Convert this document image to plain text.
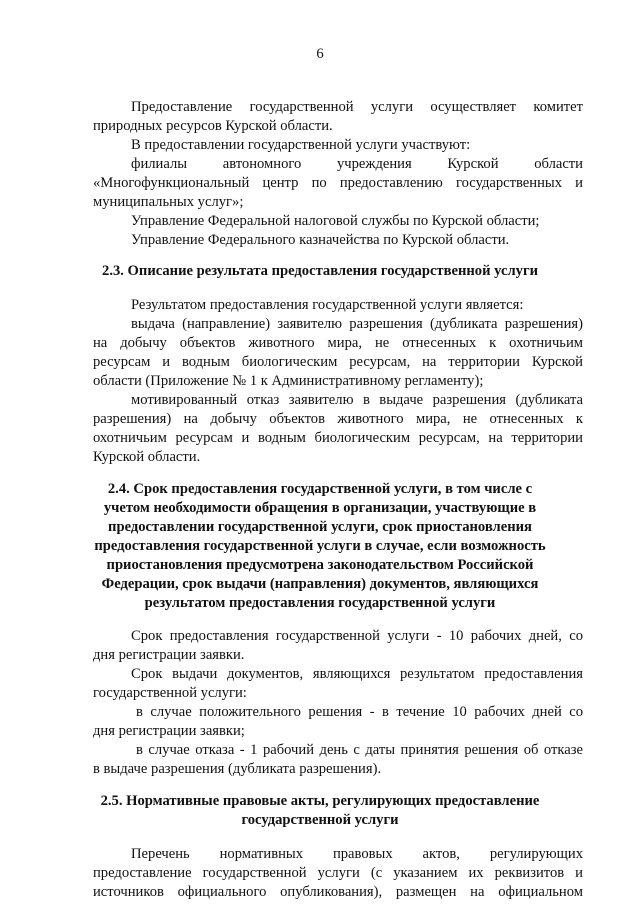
6
Предоставление государственной услуги осуществляет комитет
природных ресурсов Курской области.
В предоставлении государственной услуги участвуют:
филиалы автономного учреждения Курской области
«Многофункциональный центр по предоставлению государственных и
муниципальных услуг»;
Управление Федеральной налоговой службы по Курской области;
Управление Федерального казначейства по Курской области.
2.3. Описание результата предоставления государственной услуги
Результатом предоставления государственной услуги является:
выдача (направление) заявителю разрешения (дубликата разрешения)
на добычу объектов животного мира, не отнесенных к охотничьим
ресурсам и водным биологическим ресурсам, на территории Курской
области (Приложение № 1 к Административному регламенту);
мотивированный отказ заявителю в выдаче разрешения (дубликата
разрешения) на добычу объектов животного мира, не отнесенных к
охотничьим ресурсам и водным биологическим ресурсам, на территории
Курской области.
2.4. Срок предоставления государственной услуги, в том числе с
учетом необходимости обращения в организации, участвующие в
предоставлении государственной услуги, срок приостановления
предоставления государственной услуги в случае, если возможность
приостановления предусмотрена законодательством Российской
Федерации, срок выдачи (направления) документов, являющихся
результатом предоставления государственной услуги
Срок предоставления государственной услуги - 10 рабочих дней, со
дня регистрации заявки.
Срок выдачи документов, являющихся результатом предоставления
государственной услуги:
в случае положительного решения - в течение 10 рабочих дней со
дня регистрации заявки;
в случае отказа - 1 рабочий день с даты принятия решения об отказе
в выдаче разрешения (дубликата разрешения).
2.5. Нормативные правовые акты, регулирующих предоставление
государственной услуги
Перечень нормативных правовых актов, регулирующих
предоставление государственной услуги (с указанием их реквизитов и
источников официального опубликования), размещен на официальном
